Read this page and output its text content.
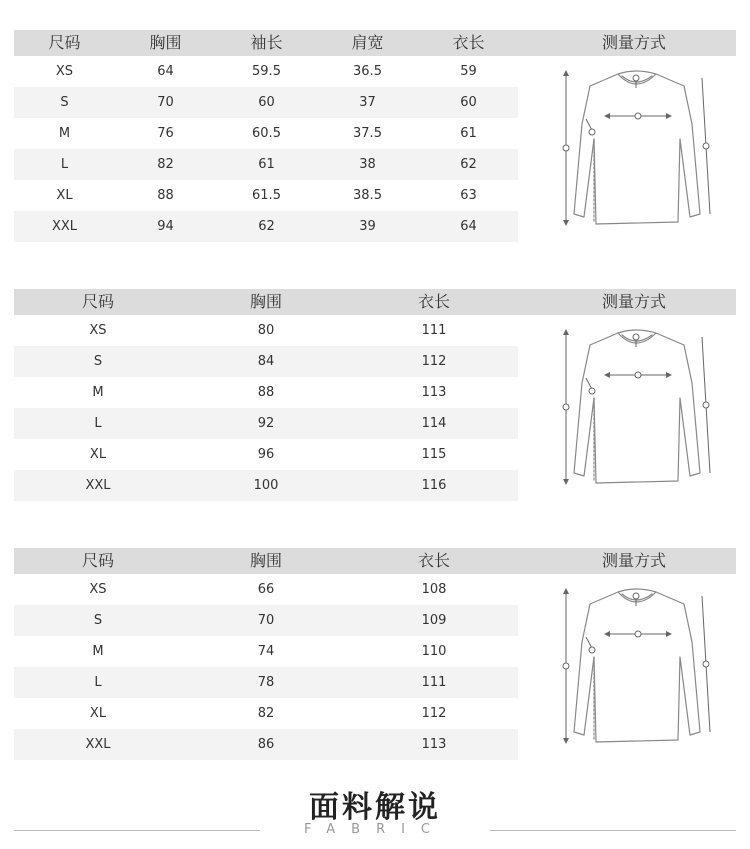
尺码	胸围	袖长	肩宽	衣长	测量方式
XS	64	59.5	36.5	59
S	70	60	37	60
M	76	60.5	37.5	61
L	82	61	38	62
XL	88	61.5	38.5	63
XXL	94	62	39	64
尺码	胸围	衣长	测量方式
XS	80	111
S	84	112
M	88	113
L	92	114
XL	96	115
XXL	100	116
尺码	胸围	衣长	测量方式
XS	66	108
S	70	109
M	74	110
L	78	111
XL	82	112
XXL	86	113
面料解说
FABRIC
